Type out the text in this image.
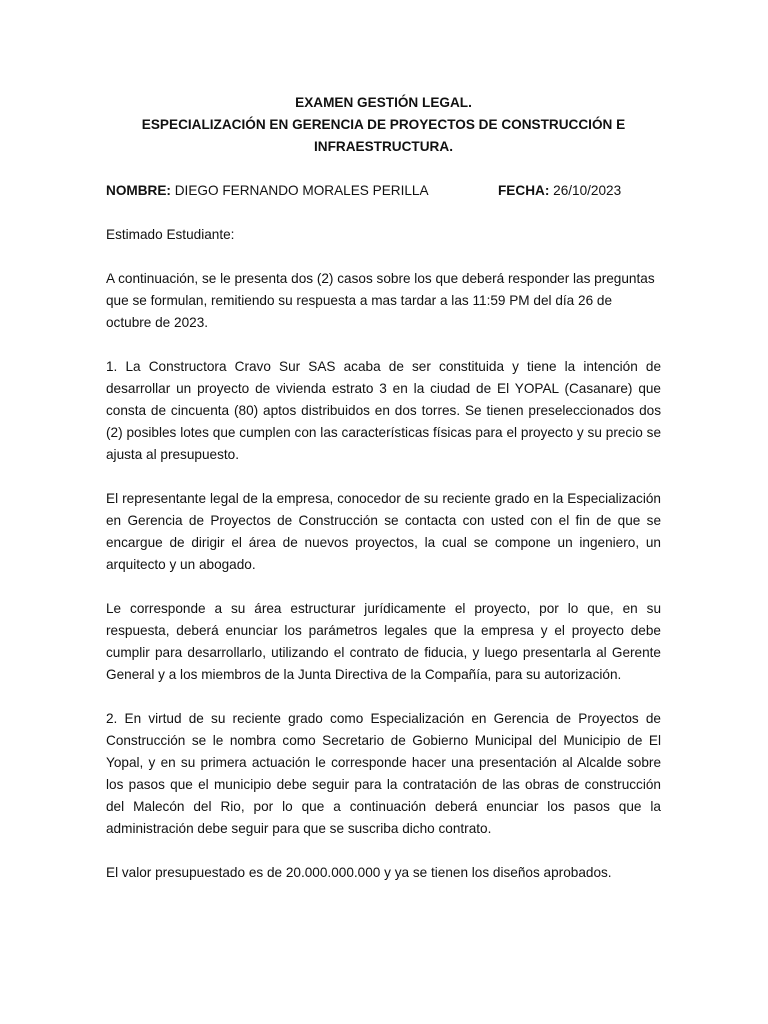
EXAMEN GESTIÓN LEGAL.
ESPECIALIZACIÓN EN GERENCIA DE PROYECTOS DE CONSTRUCCIÓN E
INFRAESTRUCTURA.
NOMBRE: DIEGO FERNANDO MORALES PERILLA	FECHA: 26/10/2023

Estimado Estudiante:

A continuación, se le presenta dos (2) casos sobre los que deberá responder las preguntas que se formulan, remitiendo su respuesta a mas tardar a las 11:59 PM del día 26 de octubre de 2023.

1. La Constructora Cravo Sur SAS acaba de ser constituida y tiene la intención de desarrollar un proyecto de vivienda estrato 3 en la ciudad de El YOPAL (Casanare) que consta de cincuenta (80) aptos distribuidos en dos torres. Se tienen preseleccionados dos (2) posibles lotes que cumplen con las características físicas para el proyecto y su precio se ajusta al presupuesto.

El representante legal de la empresa, conocedor de su reciente grado en la Especialización en Gerencia de Proyectos de Construcción se contacta con usted con el fin de que se encargue de dirigir el área de nuevos proyectos, la cual se compone un ingeniero, un arquitecto y un abogado.

Le corresponde a su área estructurar jurídicamente el proyecto, por lo que, en su respuesta, deberá enunciar los parámetros legales que la empresa y el proyecto debe cumplir para desarrollarlo, utilizando el contrato de fiducia, y luego presentarla al Gerente General y a los miembros de la Junta Directiva de la Compañía, para su autorización.

2. En virtud de su reciente grado como Especialización en Gerencia de Proyectos de Construcción se le nombra como Secretario de Gobierno Municipal del Municipio de El Yopal, y en su primera actuación le corresponde hacer una presentación al Alcalde sobre los pasos que el municipio debe seguir para la contratación de las obras de construcción del Malecón del Rio, por lo que a continuación deberá enunciar los pasos que la administración debe seguir para que se suscriba dicho contrato.

El valor presupuestado es de 20.000.000.000 y ya se tienen los diseños aprobados.
